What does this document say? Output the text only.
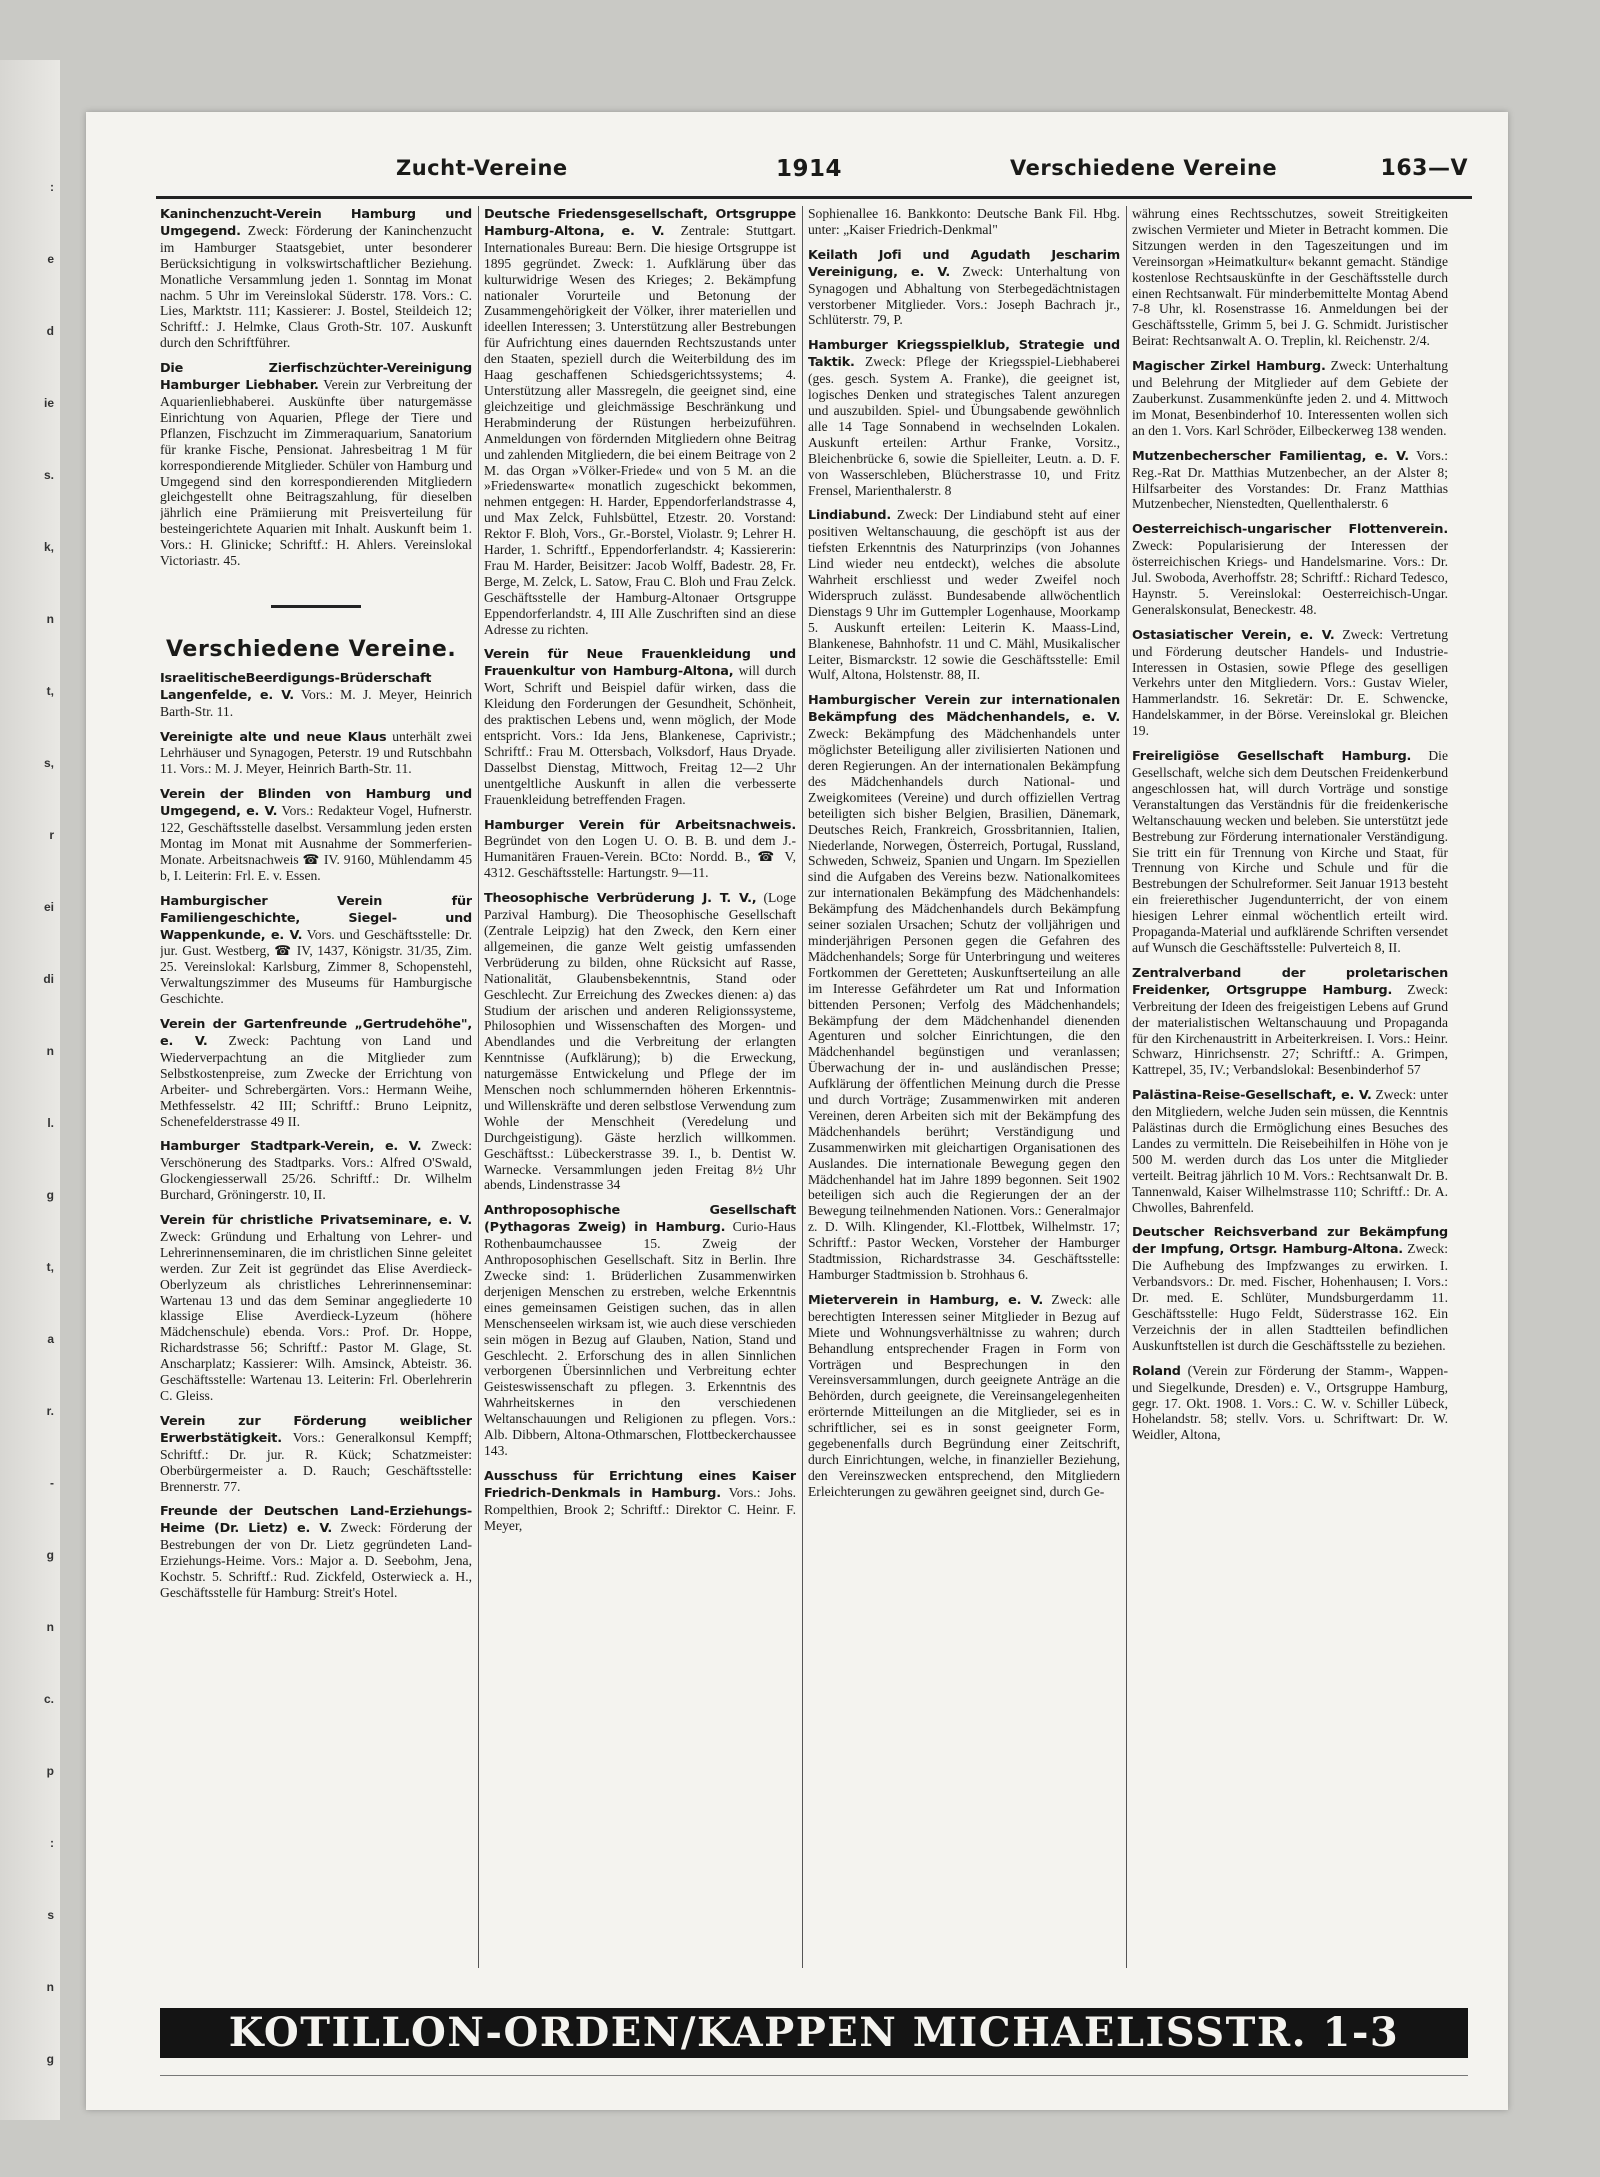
:
e
d
ie
s.
k,
n
t,
s,
r
ei
di
n
l.
g
t,
a
r.
-
g
n
c.
p
:
s
n
g
Zucht-Vereine	1914	Verschiedene Vereine	163—V

Kaninchenzucht-Verein Hamburg und Umgegend. Zweck: Förderung der Kaninchenzucht im Hamburger Staatsgebiet, unter besonderer Berücksichtigung in volkswirtschaftlicher Beziehung. Monatliche Versammlung jeden 1. Sonntag im Monat nachm. 5 Uhr im Vereinslokal Süderstr. 178. Vors.: C. Lies, Marktstr. 111; Kassierer: J. Bostel, Steildeich 12; Schriftf.: J. Helmke, Claus Groth-Str. 107. Auskunft durch den Schriftführer.

Die Zierfischzüchter-Vereinigung Hamburger Liebhaber. Verein zur Verbreitung der Aquarienliebhaberei. Auskünfte über naturgemässe Einrichtung von Aquarien, Pflege der Tiere und Pflanzen, Fischzucht im Zimmeraquarium, Sanatorium für kranke Fische, Pensionat. Jahresbeitrag 1 M für korrespondierende Mitglieder. Schüler von Hamburg und Umgegend sind den korrespondierenden Mitgliedern gleichgestellt ohne Beitragszahlung, für dieselben jährlich eine Prämiierung mit Preisverteilung für besteingerichtete Aquarien mit Inhalt. Auskunft beim 1. Vors.: H. Glinicke; Schriftf.: H. Ahlers. Vereinslokal Victoriastr. 45.

Verschiedene Vereine.

IsraelitischeBeerdigungs-Brüderschaft Langenfelde, e. V. Vors.: M. J. Meyer, Heinrich Barth-Str. 11.

Vereinigte alte und neue Klaus unterhält zwei Lehrhäuser und Synagogen, Peterstr. 19 und Rutschbahn 11. Vors.: M. J. Meyer, Heinrich Barth-Str. 11.

Verein der Blinden von Hamburg und Umgegend, e. V. Vors.: Redakteur Vogel, Hufnerstr. 122, Geschäftsstelle daselbst. Versammlung jeden ersten Montag im Monat mit Ausnahme der Sommerferien-Monate. Arbeitsnachweis ☎ IV. 9160, Mühlendamm 45 b, I. Leiterin: Frl. E. v. Essen.

Hamburgischer Verein für Familiengeschichte, Siegel- und Wappenkunde, e. V. Vors. und Geschäftsstelle: Dr. jur. Gust. Westberg, ☎ IV, 1437, Königstr. 31/35, Zim. 25. Vereinslokal: Karlsburg, Zimmer 8, Schopenstehl, Verwaltungszimmer des Museums für Hamburgische Geschichte.

Verein der Gartenfreunde „Gertrudehöhe", e. V. Zweck: Pachtung von Land und Wiederverpachtung an die Mitglieder zum Selbstkostenpreise, zum Zwecke der Errichtung von Arbeiter- und Schrebergärten. Vors.: Hermann Weihe, Methfesselstr. 42 III; Schriftf.: Bruno Leipnitz, Schenefelderstrasse 49 II.

Hamburger Stadtpark-Verein, e. V. Zweck: Verschönerung des Stadtparks. Vors.: Alfred O'Swald, Glockengiesserwall 25/26. Schriftf.: Dr. Wilhelm Burchard, Gröningerstr. 10, II.

Verein für christliche Privatseminare, e. V. Zweck: Gründung und Erhaltung von Lehrer- und Lehrerinnenseminaren, die im christlichen Sinne geleitet werden. Zur Zeit ist gegründet das Elise Averdieck-Oberlyzeum als christliches Lehrerinnenseminar: Wartenau 13 und das dem Seminar angegliederte 10 klassige Elise Averdieck-Lyzeum (höhere Mädchenschule) ebenda. Vors.: Prof. Dr. Hoppe, Richardstrasse 56; Schriftf.: Pastor M. Glage, St. Anscharplatz; Kassierer: Wilh. Amsinck, Abteistr. 36. Geschäftsstelle: Wartenau 13. Leiterin: Frl. Oberlehrerin C. Gleiss.

Verein zur Förderung weiblicher Erwerbstätigkeit. Vors.: Generalkonsul Kempff; Schriftf.: Dr. jur. R. Kück; Schatzmeister: Oberbürgermeister a. D. Rauch; Geschäftsstelle: Brennerstr. 77.

Freunde der Deutschen Land-Erziehungs-Heime (Dr. Lietz) e. V. Zweck: Förderung der Bestrebungen der von Dr. Lietz gegründeten Land-Erziehungs-Heime. Vors.: Major a. D. Seebohm, Jena, Kochstr. 5. Schriftf.: Rud. Zickfeld, Osterwieck a. H., Geschäftsstelle für Hamburg: Streit's Hotel.

Deutsche Friedensgesellschaft, Ortsgruppe Hamburg-Altona, e. V. Zentrale: Stuttgart. Internationales Bureau: Bern. Die hiesige Ortsgruppe ist 1895 gegründet. Zweck: 1. Aufklärung über das kulturwidrige Wesen des Krieges; 2. Bekämpfung nationaler Vorurteile und Betonung der Zusammengehörigkeit der Völker, ihrer materiellen und ideellen Interessen; 3. Unterstützung aller Bestrebungen für Aufrichtung eines dauernden Rechtszustands unter den Staaten, speziell durch die Weiterbildung des im Haag geschaffenen Schiedsgerichtssystems; 4. Unterstützung aller Massregeln, die geeignet sind, eine gleichzeitige und gleichmässige Beschränkung und Herabminderung der Rüstungen herbeizuführen. Anmeldungen von fördernden Mitgliedern ohne Beitrag und zahlenden Mitgliedern, die bei einem Beitrage von 2 M. das Organ »Völker-Friede« und von 5 M. an die »Friedenswarte« monatlich zugeschickt bekommen, nehmen entgegen: H. Harder, Eppendorferlandstrasse 4, und Max Zelck, Fuhlsbüttel, Etzestr. 20. Vorstand: Rektor F. Bloh, Vors., Gr.-Borstel, Violastr. 9; Lehrer H. Harder, 1. Schriftf., Eppendorferlandstr. 4; Kassiererin: Frau M. Harder, Beisitzer: Jacob Wolff, Badestr. 28, Fr. Berge, M. Zelck, L. Satow, Frau C. Bloh und Frau Zelck. Geschäftsstelle der Hamburg-Altonaer Ortsgruppe Eppendorferlandstr. 4, III Alle Zuschriften sind an diese Adresse zu richten.

Verein für Neue Frauenkleidung und Frauenkultur von Hamburg-Altona, will durch Wort, Schrift und Beispiel dafür wirken, dass die Kleidung den Forderungen der Gesundheit, Schönheit, des praktischen Lebens und, wenn möglich, der Mode entspricht. Vors.: Ida Jens, Blankenese, Caprivistr.; Schriftf.: Frau M. Ottersbach, Volksdorf, Haus Dryade. Dasselbst Dienstag, Mittwoch, Freitag 12—2 Uhr unentgeltliche Auskunft in allen die verbesserte Frauenkleidung betreffenden Fragen.

Hamburger Verein für Arbeitsnachweis. Begründet von den Logen U. O. B. B. und dem J.-Humanitären Frauen-Verein. BCto: Nordd. B., ☎ V, 4312. Geschäftsstelle: Hartungstr. 9—11.

Theosophische Verbrüderung J. T. V., (Loge Parzival Hamburg). Die Theosophische Gesellschaft (Zentrale Leipzig) hat den Zweck, den Kern einer allgemeinen, die ganze Welt geistig umfassenden Verbrüderung zu bilden, ohne Rücksicht auf Rasse, Nationalität, Glaubensbekenntnis, Stand oder Geschlecht. Zur Erreichung des Zweckes dienen: a) das Studium der arischen und anderen Religionssysteme, Philosophien und Wissenschaften des Morgen- und Abendlandes und die Verbreitung der erlangten Kenntnisse (Aufklärung); b) die Erweckung, naturgemässe Entwickelung und Pflege der im Menschen noch schlummernden höheren Erkenntnis- und Willenskräfte und deren selbstlose Verwendung zum Wohle der Menschheit (Veredelung und Durchgeistigung). Gäste herzlich willkommen. Geschäftsst.: Lübeckerstrasse 39. I., b. Dentist W. Warnecke. Versammlungen jeden Freitag 8½ Uhr abends, Lindenstrasse 34

Anthroposophische Gesellschaft (Pythagoras Zweig) in Hamburg. Curio-Haus Rothenbaumchaussee 15. Zweig der Anthroposophischen Gesellschaft. Sitz in Berlin. Ihre Zwecke sind: 1. Brüderlichen Zusammenwirken derjenigen Menschen zu erstreben, welche Erkenntnis eines gemeinsamen Geistigen suchen, das in allen Menschenseelen wirksam ist, wie auch diese verschieden sein mögen in Bezug auf Glauben, Nation, Stand und Geschlecht. 2. Erforschung des in allen Sinnlichen verborgenen Übersinnlichen und Verbreitung echter Geisteswissenschaft zu pflegen. 3. Erkenntnis des Wahrheitskernes in den verschiedenen Weltanschauungen und Religionen zu pflegen. Vors.: Alb. Dibbern, Altona-Othmarschen, Flottbeckerchaussee 143.

Ausschuss für Errichtung eines Kaiser Friedrich-Denkmals in Hamburg. Vors.: Johs. Rompelthien, Brook 2; Schriftf.: Direktor C. Heinr. F. Meyer,

Sophienallee 16. Bankkonto: Deutsche Bank Fil. Hbg. unter: „Kaiser Friedrich-Denkmal"

Keilath Jofi und Agudath Jescharim Vereinigung, e. V. Zweck: Unterhaltung von Synagogen und Abhaltung von Sterbegedächtnistagen verstorbener Mitglieder. Vors.: Joseph Bachrach jr., Schlüterstr. 79, P.

Hamburger Kriegsspielklub, Strategie und Taktik. Zweck: Pflege der Kriegsspiel-Liebhaberei (ges. gesch. System A. Franke), die geeignet ist, logisches Denken und strategisches Talent anzuregen und auszubilden. Spiel- und Übungsabende gewöhnlich alle 14 Tage Sonnabend in wechselnden Lokalen. Auskunft erteilen: Arthur Franke, Vorsitz., Bleichenbrücke 6, sowie die Spielleiter, Leutn. a. D. F. von Wasserschleben, Blücherstrasse 10, und Fritz Frensel, Marienthalerstr. 8

Lindiabund. Zweck: Der Lindiabund steht auf einer positiven Weltanschauung, die geschöpft ist aus der tiefsten Erkenntnis des Naturprinzips (von Johannes Lind wieder neu entdeckt), welches die absolute Wahrheit erschliesst und weder Zweifel noch Widerspruch zulässt. Bundesabende allwöchentlich Dienstags 9 Uhr im Guttempler Logenhause, Moorkamp 5. Auskunft erteilen: Leiterin K. Maass-Lind, Blankenese, Bahnhofstr. 11 und C. Mähl, Musikalischer Leiter, Bismarckstr. 12 sowie die Geschäftsstelle: Emil Wulf, Altona, Holstenstr. 88, II.

Hamburgischer Verein zur internationalen Bekämpfung des Mädchenhandels, e. V. Zweck: Bekämpfung des Mädchenhandels unter möglichster Beteiligung aller zivilisierten Nationen und deren Regierungen. An der internationalen Bekämpfung des Mädchenhandels durch National- und Zweigkomitees (Vereine) und durch offiziellen Vertrag beteiligten sich bisher Belgien, Brasilien, Dänemark, Deutsches Reich, Frankreich, Grossbritannien, Italien, Niederlande, Norwegen, Österreich, Portugal, Russland, Schweden, Schweiz, Spanien und Ungarn. Im Speziellen sind die Aufgaben des Vereins bezw. Nationalkomitees zur internationalen Bekämpfung des Mädchenhandels: Bekämpfung des Mädchenhandels durch Bekämpfung seiner sozialen Ursachen; Schutz der volljährigen und minderjährigen Personen gegen die Gefahren des Mädchenhandels; Sorge für Unterbringung und weiteres Fortkommen der Geretteten; Auskunftserteilung an alle im Interesse Gefährdeter um Rat und Information bittenden Personen; Verfolg des Mädchenhandels; Bekämpfung der dem Mädchenhandel dienenden Agenturen und solcher Einrichtungen, die den Mädchenhandel begünstigen und veranlassen; Überwachung der in- und ausländischen Presse; Aufklärung der öffentlichen Meinung durch die Presse und durch Vorträge; Zusammenwirken mit anderen Vereinen, deren Arbeiten sich mit der Bekämpfung des Mädchenhandels berührt; Verständigung und Zusammenwirken mit gleichartigen Organisationen des Auslandes. Die internationale Bewegung gegen den Mädchenhandel hat im Jahre 1899 begonnen. Seit 1902 beteiligen sich auch die Regierungen der an der Bewegung teilnehmenden Nationen. Vors.: Generalmajor z. D. Wilh. Klingender, Kl.-Flottbek, Wilhelmstr. 17; Schriftf.: Pastor Wecken, Vorsteher der Hamburger Stadtmission, Richardstrasse 34. Geschäftsstelle: Hamburger Stadtmission b. Strohhaus 6.

Mieterverein in Hamburg, e. V. Zweck: alle berechtigten Interessen seiner Mitglieder in Bezug auf Miete und Wohnungsverhältnisse zu wahren; durch Behandlung entsprechender Fragen in Form von Vorträgen und Besprechungen in den Vereinsversammlungen, durch geeignete Anträge an die Behörden, durch geeignete, die Vereinsangelegenheiten erörternde Mitteilungen an die Mitglieder, sei es in schriftlicher, sei es in sonst geeigneter Form, gegebenenfalls durch Begründung einer Zeitschrift, durch Einrichtungen, welche, in finanzieller Beziehung, den Vereinszwecken entsprechend, den Mitgliedern Erleichterungen zu gewähren geeignet sind, durch Ge-

währung eines Rechtsschutzes, soweit Streitigkeiten zwischen Vermieter und Mieter in Betracht kommen. Die Sitzungen werden in den Tageszeitungen und im Vereinsorgan »Heimatkultur« bekannt gemacht. Ständige kostenlose Rechtsauskünfte in der Geschäftsstelle durch einen Rechtsanwalt. Für minderbemittelte Montag Abend 7-8 Uhr, kl. Rosenstrasse 16. Anmeldungen bei der Geschäftsstelle, Grimm 5, bei J. G. Schmidt. Juristischer Beirat: Rechtsanwalt A. O. Treplin, kl. Reichenstr. 2/4.

Magischer Zirkel Hamburg. Zweck: Unterhaltung und Belehrung der Mitglieder auf dem Gebiete der Zauberkunst. Zusammenkünfte jeden 2. und 4. Mittwoch im Monat, Besenbinderhof 10. Interessenten wollen sich an den 1. Vors. Karl Schröder, Eilbeckerweg 138 wenden.

Mutzenbecherscher Familientag, e. V. Vors.: Reg.-Rat Dr. Matthias Mutzenbecher, an der Alster 8; Hilfsarbeiter des Vorstandes: Dr. Franz Matthias Mutzenbecher, Nienstedten, Quellenthalerstr. 6

Oesterreichisch-ungarischer Flottenverein. Zweck: Popularisierung der Interessen der österreichischen Kriegs- und Handelsmarine. Vors.: Dr. Jul. Swoboda, Averhoffstr. 28; Schriftf.: Richard Tedesco, Haynstr. 5. Vereinslokal: Oesterreichisch-Ungar. Generalskonsulat, Beneckestr. 48.

Ostasiatischer Verein, e. V. Zweck: Vertretung und Förderung deutscher Handels- und Industrie-Interessen in Ostasien, sowie Pflege des geselligen Verkehrs unter den Mitgliedern. Vors.: Gustav Wieler, Hammerlandstr. 16. Sekretär: Dr. E. Schwencke, Handelskammer, in der Börse. Vereinslokal gr. Bleichen 19.

Freireligiöse Gesellschaft Hamburg. Die Gesellschaft, welche sich dem Deutschen Freidenkerbund angeschlossen hat, will durch Vorträge und sonstige Veranstaltungen das Verständnis für die freidenkerische Weltanschauung wecken und beleben. Sie unterstützt jede Bestrebung zur Förderung internationaler Verständigung. Sie tritt ein für Trennung von Kirche und Staat, für Trennung von Kirche und Schule und für die Bestrebungen der Schulreformer. Seit Januar 1913 besteht ein freierethischer Jugendunterricht, der von einem hiesigen Lehrer einmal wöchentlich erteilt wird. Propaganda-Material und aufklärende Schriften versendet auf Wunsch die Geschäftsstelle: Pulverteich 8, II.

Zentralverband der proletarischen Freidenker, Ortsgruppe Hamburg. Zweck: Verbreitung der Ideen des freigeistigen Lebens auf Grund der materialistischen Weltanschauung und Propaganda für den Kirchenaustritt in Arbeiterkreisen. I. Vors.: Heinr. Schwarz, Hinrichsenstr. 27; Schriftf.: A. Grimpen, Kattrepel, 35, IV.; Verbandslokal: Besenbinderhof 57

Palästina-Reise-Gesellschaft, e. V. Zweck: unter den Mitgliedern, welche Juden sein müssen, die Kenntnis Palästinas durch die Ermöglichung eines Besuches des Landes zu vermitteln. Die Reisebeihilfen in Höhe von je 500 M. werden durch das Los unter die Mitglieder verteilt. Beitrag jährlich 10 M. Vors.: Rechtsanwalt Dr. B. Tannenwald, Kaiser Wilhelmstrasse 110; Schriftf.: Dr. A. Chwolles, Bahrenfeld.

Deutscher Reichsverband zur Bekämpfung der Impfung, Ortsgr. Hamburg-Altona. Zweck: Die Aufhebung des Impfzwanges zu erwirken. I. Verbandsvors.: Dr. med. Fischer, Hohenhausen; I. Vors.: Dr. med. E. Schlüter, Mundsburgerdamm 11. Geschäftsstelle: Hugo Feldt, Süderstrasse 162. Ein Verzeichnis der in allen Stadtteilen befindlichen Auskunftstellen ist durch die Geschäftsstelle zu beziehen.

Roland (Verein zur Förderung der Stamm-, Wappen- und Siegelkunde, Dresden) e. V., Ortsgruppe Hamburg, gegr. 17. Okt. 1908. 1. Vors.: C. W. v. Schiller Lübeck, Hohelandstr. 58; stellv. Vors. u. Schriftwart: Dr. W. Weidler, Altona,

KOTILLON-ORDEN/KAPPEN MICHAELISSTR. 1-3
